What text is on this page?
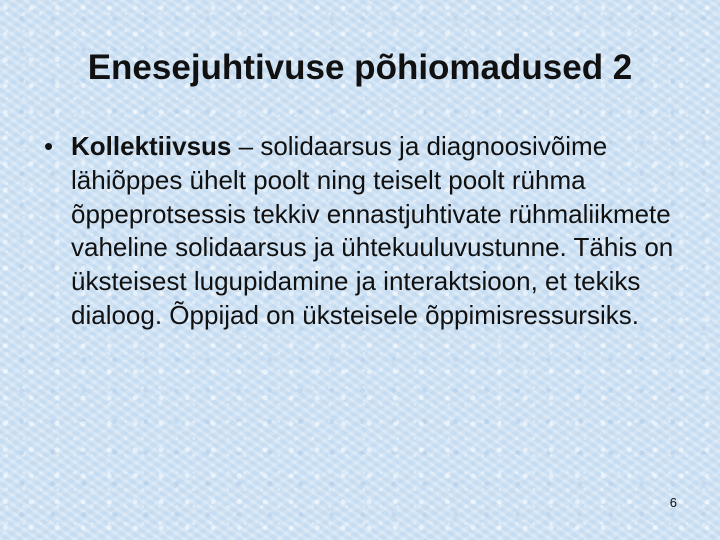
Enesejuhtivuse põhiomadused 2
• Kollektiivsus – solidaarsus ja diagnoosivõime lähiõppes ühelt poolt ning teiselt poolt rühma õppeprotsessis tekkiv ennastjuhtivate rühmaliikmete vaheline solidaarsus ja ühtekuuluvustunne. Tähis on üksteisest lugupidamine ja interaktsioon, et tekiks dialoog. Õppijad on üksteisele õppimisressursiks.
6
